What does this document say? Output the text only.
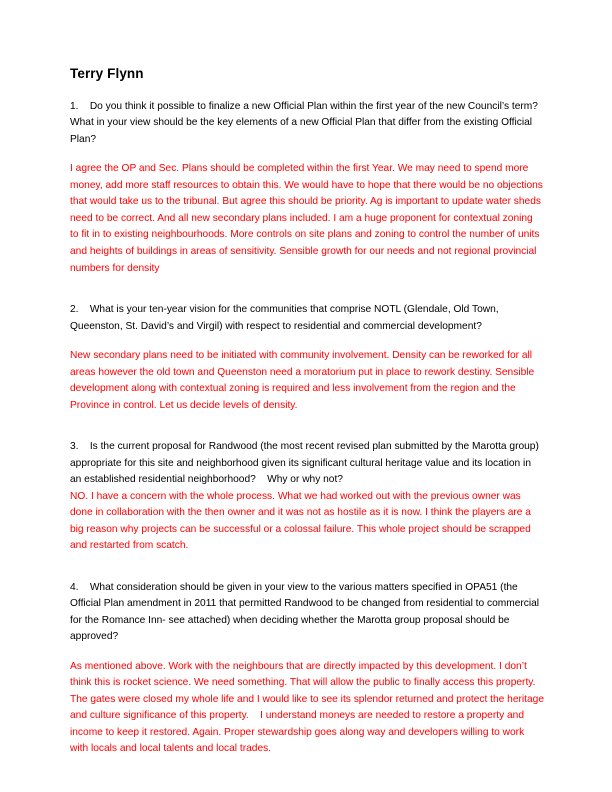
Terry Flynn

1.    Do you think it possible to finalize a new Official Plan within the first year of the new Council’s term? What in your view should be the key elements of a new Official Plan that differ from the existing Official Plan?

I agree the OP and Sec. Plans should be completed within the first Year. We may need to spend more money, add more staff resources to obtain this. We would have to hope that there would be no objections that would take us to the tribunal. But agree this should be priority. Ag is important to update water sheds need to be correct. And all new secondary plans included. I am a huge proponent for contextual zoning to fit in to existing neighbourhoods. More controls on site plans and zoning to control the number of units and heights of buildings in areas of sensitivity. Sensible growth for our needs and not regional provincial numbers for density

2.    What is your ten-year vision for the communities that comprise NOTL (Glendale, Old Town, Queenston, St. David’s and Virgil) with respect to residential and commercial development?

New secondary plans need to be initiated with community involvement. Density can be reworked for all areas however the old town and Queenston need a moratorium put in place to rework destiny. Sensible development along with contextual zoning is required and less involvement from the region and the Province in control. Let us decide levels of density.

3.    Is the current proposal for Randwood (the most recent revised plan submitted by the Marotta group) appropriate for this site and neighborhood given its significant cultural heritage value and its location in an established residential neighborhood?    Why or why not?

NO. I have a concern with the whole process. What we had worked out with the previous owner was done in collaboration with the then owner and it was not as hostile as it is now. I think the players are a big reason why projects can be successful or a colossal failure. This whole project should be scrapped and restarted from scatch.

4.    What consideration should be given in your view to the various matters specified in OPA51 (the Official Plan amendment in 2011 that permitted Randwood to be changed from residential to commercial for the Romance Inn- see attached) when deciding whether the Marotta group proposal should be approved?

As mentioned above. Work with the neighbours that are directly impacted by this development. I don’t think this is rocket science. We need something. That will allow the public to finally access this property. The gates were closed my whole life and I would like to see its splendor returned and protect the heritage and culture significance of this property.    I understand moneys are needed to restore a property and income to keep it restored. Again. Proper stewardship goes along way and developers willing to work with locals and local talents and local trades.
